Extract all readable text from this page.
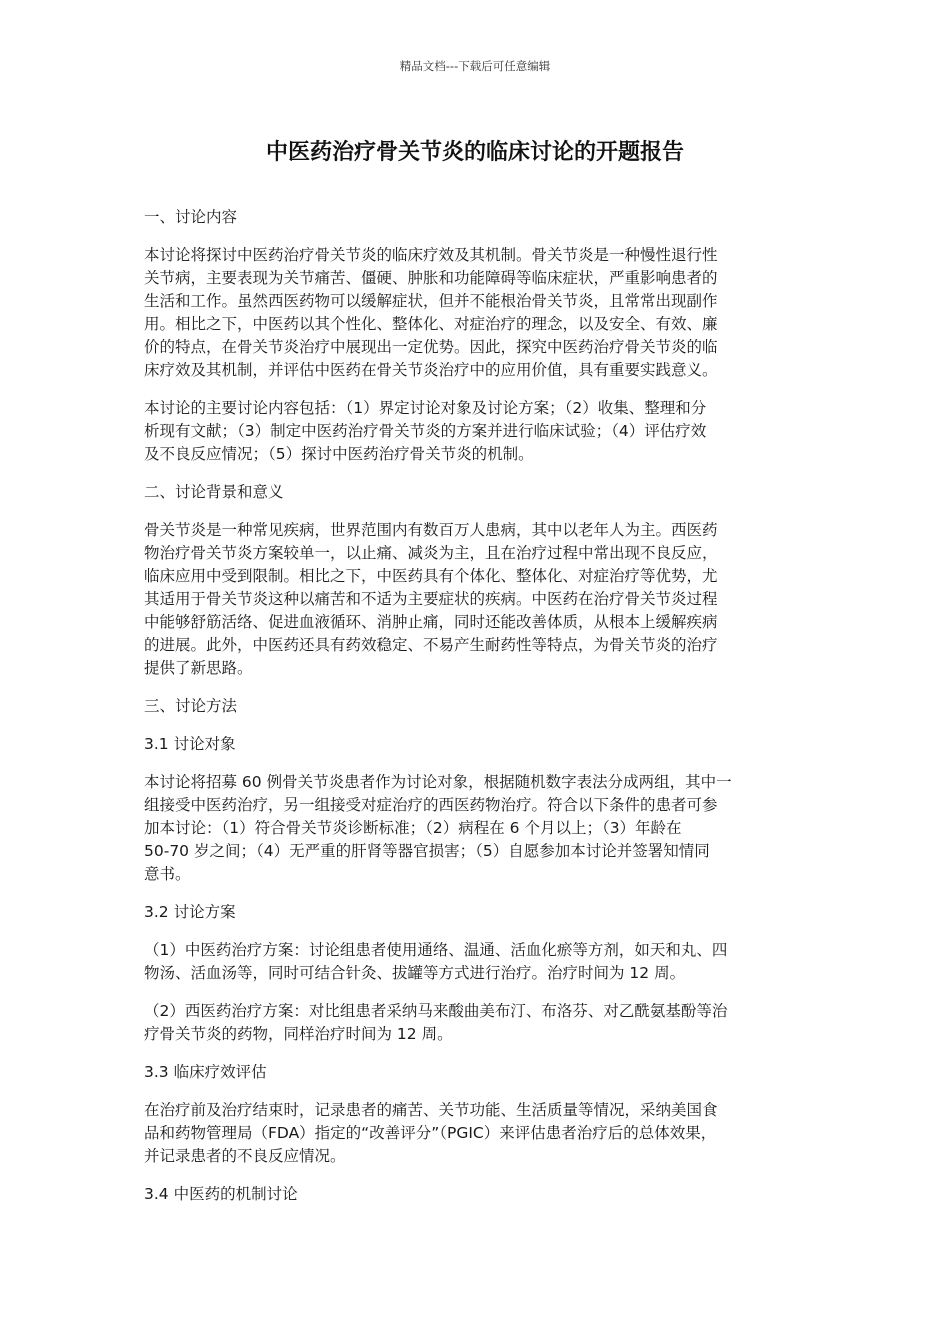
精品文档---下载后可任意编辑
中医药治疗骨关节炎的临床讨论的开题报告

一、讨论内容

本讨论将探讨中医药治疗骨关节炎的临床疗效及其机制。骨关节炎是一种慢性退行性
关节病，主要表现为关节痛苦、僵硬、肿胀和功能障碍等临床症状，严重影响患者的
生活和工作。虽然西医药物可以缓解症状，但并不能根治骨关节炎，且常常出现副作
用。相比之下，中医药以其个性化、整体化、对症治疗的理念，以及安全、有效、廉
价的特点，在骨关节炎治疗中展现出一定优势。因此，探究中医药治疗骨关节炎的临
床疗效及其机制，并评估中医药在骨关节炎治疗中的应用价值，具有重要实践意义。

本讨论的主要讨论内容包括：（1）界定讨论对象及讨论方案；（2）收集、整理和分
析现有文献；（3）制定中医药治疗骨关节炎的方案并进行临床试验；（4）评估疗效
及不良反应情况；（5）探讨中医药治疗骨关节炎的机制。

二、讨论背景和意义

骨关节炎是一种常见疾病，世界范围内有数百万人患病，其中以老年人为主。西医药
物治疗骨关节炎方案较单一，以止痛、减炎为主，且在治疗过程中常出现不良反应，
临床应用中受到限制。相比之下，中医药具有个体化、整体化、对症治疗等优势，尤
其适用于骨关节炎这种以痛苦和不适为主要症状的疾病。中医药在治疗骨关节炎过程
中能够舒筋活络、促进血液循环、消肿止痛，同时还能改善体质，从根本上缓解疾病
的进展。此外，中医药还具有药效稳定、不易产生耐药性等特点，为骨关节炎的治疗
提供了新思路。

三、讨论方法

3.1 讨论对象

本讨论将招募 60 例骨关节炎患者作为讨论对象，根据随机数字表法分成两组，其中一
组接受中医药治疗，另一组接受对症治疗的西医药物治疗。符合以下条件的患者可参
加本讨论：（1）符合骨关节炎诊断标准；（2）病程在 6 个月以上；（3）年龄在
50-70 岁之间；（4）无严重的肝肾等器官损害；（5）自愿参加本讨论并签署知情同
意书。

3.2 讨论方案

（1）中医药治疗方案：讨论组患者使用通络、温通、活血化瘀等方剂，如天和丸、四
物汤、活血汤等，同时可结合针灸、拔罐等方式进行治疗。治疗时间为 12 周。

（2）西医药治疗方案：对比组患者采纳马来酸曲美布汀、布洛芬、对乙酰氨基酚等治
疗骨关节炎的药物，同样治疗时间为 12 周。

3.3 临床疗效评估

在治疗前及治疗结束时，记录患者的痛苦、关节功能、生活质量等情况，采纳美国食
品和药物管理局（FDA）指定的“改善评分”（PGIC）来评估患者治疗后的总体效果，
并记录患者的不良反应情况。

3.4 中医药的机制讨论
